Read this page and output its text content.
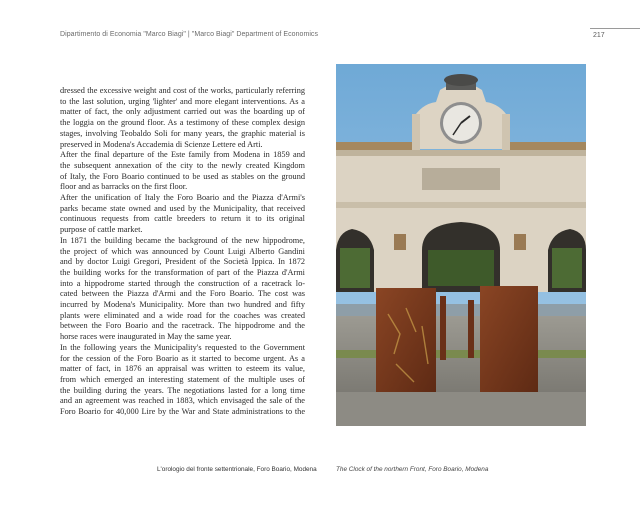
Dipartimento di Economia "Marco Biagi" | "Marco Biagi" Department of Economics	217
dressed the excessive weight and cost of the works, particularly referring
to the last solution, urging 'lighter' and more elegant interventions. As a
matter of fact, the only adjustment carried out was the boarding up of
the loggia on the ground floor. As a testimony of these complex design
stages, involving Teobaldo Soli for many years, the graphic material is
preserved in Modena's Accademia di Scienze Lettere ed Arti.
After the final departure of the Este family from Modena in 1859 and
the subsequent annexation of the city to the newly created Kingdom
of Italy, the Foro Boario continued to be used as stables on the ground
floor and as barracks on the first floor.
After the unification of Italy the Foro Boario and the Piazza d'Armi's
parks became state owned and used by the Municipality, that received
continuous requests from cattle breeders to return it to its original
purpose of cattle market.
In 1871 the building became the background of the new hippodrome,
the project of which was announced by Count Luigi Alberto Gandini
and by doctor Luigi Gregori, President of the Società Ippica. In 1872
the building works for the transformation of part of the Piazza d'Armi
into a hippodrome started through the construction of a racetrack lo-
cated between the Piazza d'Armi and the Foro Boario. The cost was
incurred by Modena's Municipality. More than two hundred and fifty
plants were eliminated and a wide road for the coaches was created
between the Foro Boario and the racetrack. The hippodrome and the
horse races were inaugurated in May the same year.
In the following years the Municipality's requested to the Government
for the cession of the Foro Boario as it started to become urgent. As a
matter of fact, in 1876 an appraisal was written to esteem its value,
from which emerged an interesting statement of the multiple uses of
the building during the years. The negotiations lasted for a long time
and an agreement was reached in 1883, which envisaged the sale of the
Foro Boario for 40,000 Lire by the War and State administrations to the
L'orologio del fronte settentrionale, Foro Boario, Modena	The Clock of the northern Front, Foro Boario, Modena
